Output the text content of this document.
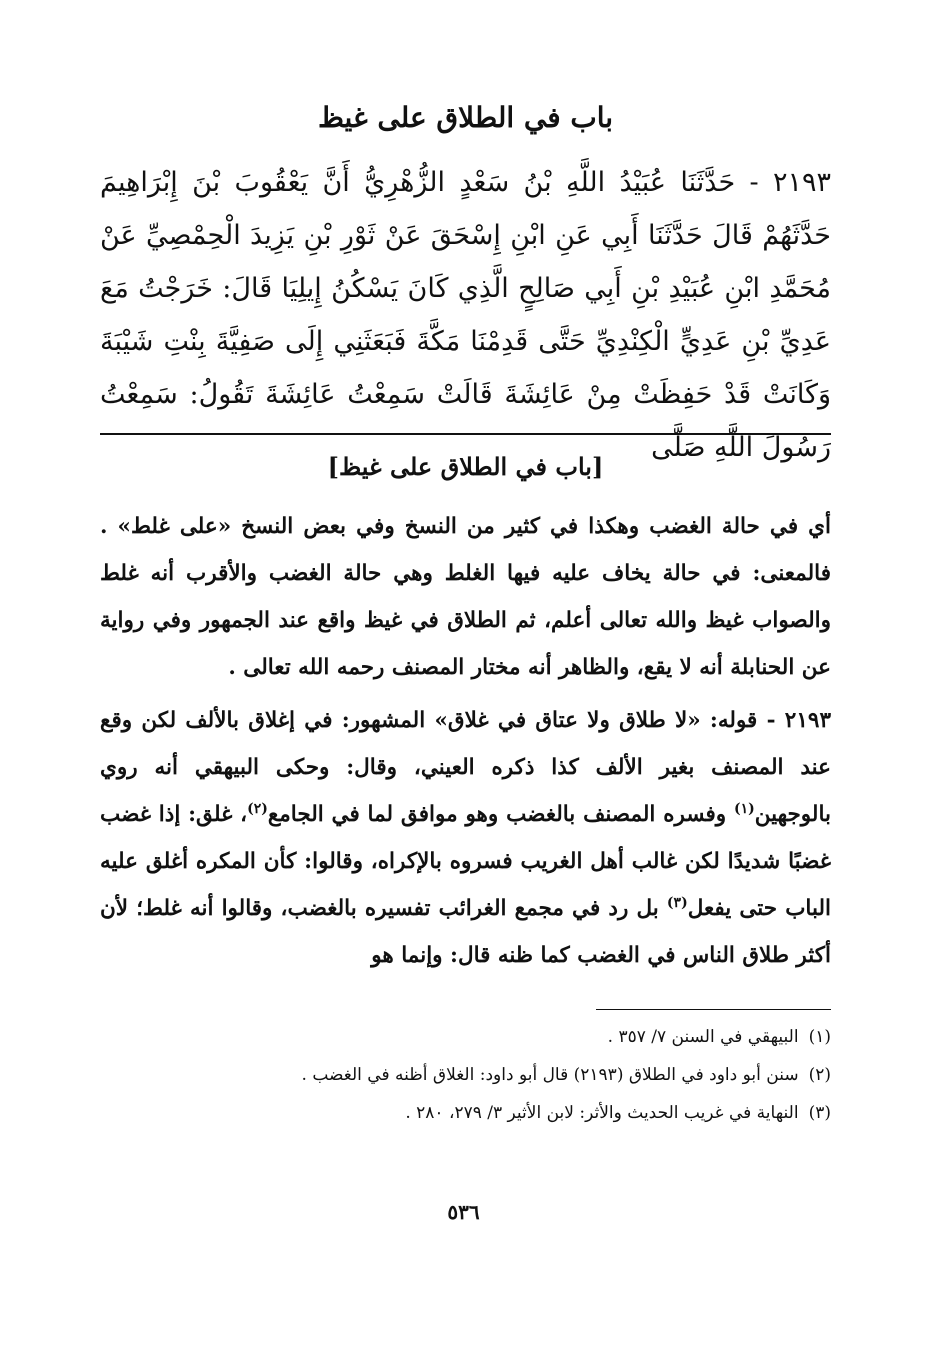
باب في الطلاق على غيظ

٢١٩٣ - حَدَّثَنَا عُبَيْدُ اللَّهِ بْنُ سَعْدٍ الزُّهْرِيُّ أَنَّ يَعْقُوبَ بْنَ إِبْرَاهِيمَ حَدَّثَهُمْ قَالَ حَدَّثَنَا أَبِي عَنِ ابْنِ إِسْحَقَ عَنْ ثَوْرِ بْنِ يَزِيدَ الْحِمْصِيِّ عَنْ مُحَمَّدِ ابْنِ عُبَيْدِ بْنِ أَبِي صَالِحٍ الَّذِي كَانَ يَسْكُنُ إِيلِيَا قَالَ: خَرَجْتُ مَعَ عَدِيِّ بْنِ عَدِيٍّ الْكِنْدِيِّ حَتَّى قَدِمْنَا مَكَّةَ فَبَعَثَنِي إِلَى صَفِيَّةَ بِنْتِ شَيْبَةَ وَكَانَتْ قَدْ حَفِظَتْ مِنْ عَائِشَةَ قَالَتْ سَمِعْتُ عَائِشَةَ تَقُولُ: سَمِعْتُ رَسُولَ اللَّهِ صَلَّى

[باب في الطلاق على غيظ]

أي في حالة الغضب وهكذا في كثير من النسخ وفي بعض النسخ «على غلط» . فالمعنى: في حالة يخاف عليه فيها الغلط وهي حالة الغضب والأقرب أنه غلط والصواب غيظ والله تعالى أعلم، ثم الطلاق في غيظ واقع عند الجمهور وفي رواية عن الحنابلة أنه لا يقع، والظاهر أنه مختار المصنف رحمه الله تعالى .

٢١٩٣ - قوله: «لا طلاق ولا عتاق في غلاق» المشهور: في إغلاق بالألف لكن وقع عند المصنف بغير الألف كذا ذكره العيني، وقال: وحكى البيهقي أنه روي بالوجهين$^{(١)}$ وفسره المصنف بالغضب وهو موافق لما في الجامع$^{(٢)}$، غلق: إذا غضب غضبًا شديدًا لكن غالب أهل الغريب فسروه بالإكراه، وقالوا: كأن المكره أغلق عليه الباب حتى يفعل$^{(٣)}$ بل رد في مجمع الغرائب تفسيره بالغضب، وقالوا أنه غلط؛ لأن أكثر طلاق الناس في الغضب كما ظنه قال: وإنما هو

(١)البيهقي في السنن ٧/ ٣٥٧ .
(٢)سنن أبو داود في الطلاق (٢١٩٣) قال أبو داود: الغلاق أظنه في الغضب .
(٣)النهاية في غريب الحديث والأثر: لابن الأثير ٣/ ٢٧٩، ٢٨٠ .
٥٣٦
